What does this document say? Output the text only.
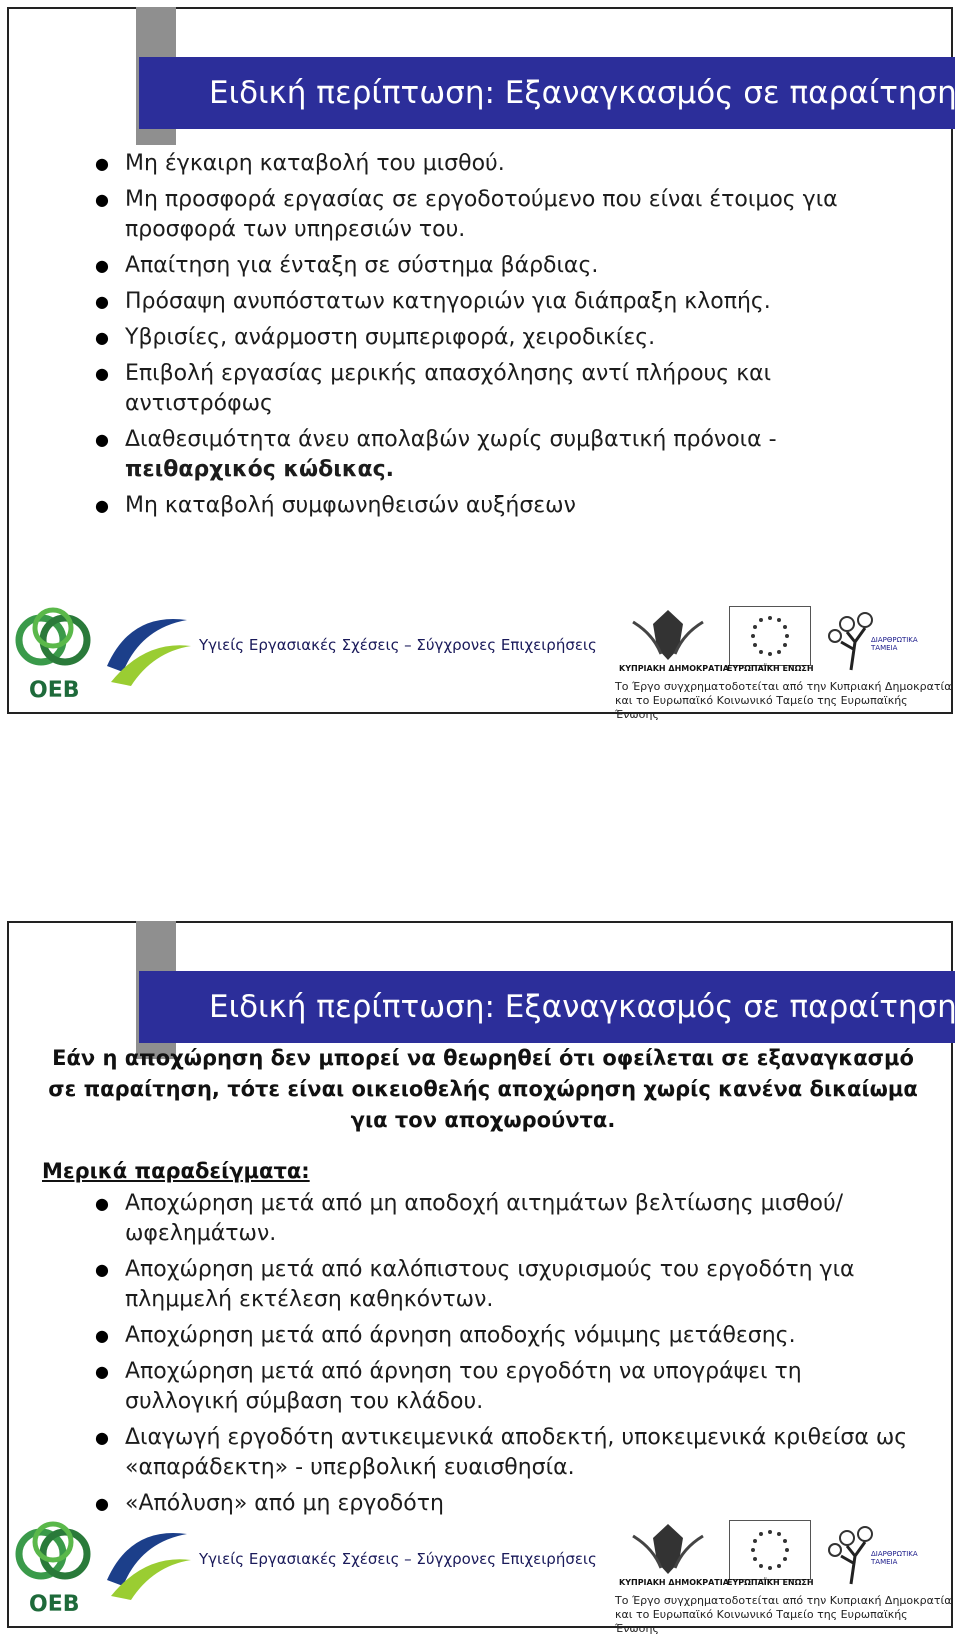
Ειδική περίπτωση: Εξαναγκασμός σε παραίτηση
● Μη έγκαιρη καταβολή του μισθού.
● Μη προσφορά εργασίας σε εργοδοτούμενο που είναι έτοιμος για προσφορά των υπηρεσιών του.
● Απαίτηση για ένταξη σε σύστημα βάρδιας.
● Πρόσαψη ανυπόστατων κατηγοριών για διάπραξη κλοπής.
● Υβρισίες, ανάρμοστη συμπεριφορά, χειροδικίες.
● Επιβολή εργασίας μερικής απασχόλησης αντί πλήρους και αντιστρόφως
● Διαθεσιμότητα άνευ απολαβών χωρίς συμβατική πρόνοια - πειθαρχικός κώδικας.
● Μη καταβολή συμφωνηθεισών αυξήσεων
ΟΕΒ
Υγιείς Εργασιακές Σχέσεις – Σύγχρονες Επιχειρήσεις
ΚΥΠΡΙΑΚΗ ΔΗΜΟΚΡΑΤΙΑ
ΕΥΡΩΠΑΪΚΗ ΕΝΩΣΗ
ΔΙΑΡΘΡΩΤΙΚΑ ΤΑΜΕΙΑ
Το Έργο συγχρηματοδοτείται από την Κυπριακή Δημοκρατία
και το Ευρωπαϊκό Κοινωνικό Ταμείο της Ευρωπαϊκής Ένωσης
Ειδική περίπτωση: Εξαναγκασμός σε παραίτηση
Εάν η αποχώρηση δεν μπορεί να θεωρηθεί ότι οφείλεται σε εξαναγκασμό σε παραίτηση, τότε είναι οικειοθελής αποχώρηση χωρίς κανένα δικαίωμα για τον αποχωρούντα.
Μερικά παραδείγματα:
● Αποχώρηση μετά από μη αποδοχή αιτημάτων βελτίωσης μισθού/ωφελημάτων.
● Αποχώρηση μετά από καλόπιστους ισχυρισμούς του εργοδότη για πλημμελή εκτέλεση καθηκόντων.
● Αποχώρηση μετά από άρνηση αποδοχής νόμιμης μετάθεσης.
● Αποχώρηση μετά από άρνηση του εργοδότη να υπογράψει τη συλλογική σύμβαση του κλάδου.
● Διαγωγή εργοδότη αντικειμενικά αποδεκτή, υποκειμενικά κριθείσα ως «απαράδεκτη» - υπερβολική ευαισθησία.
● «Απόλυση» από μη εργοδότη
ΟΕΒ
Υγιείς Εργασιακές Σχέσεις – Σύγχρονες Επιχειρήσεις
ΚΥΠΡΙΑΚΗ ΔΗΜΟΚΡΑΤΙΑ
ΕΥΡΩΠΑΪΚΗ ΕΝΩΣΗ
ΔΙΑΡΘΡΩΤΙΚΑ ΤΑΜΕΙΑ
Το Έργο συγχρηματοδοτείται από την Κυπριακή Δημοκρατία
και το Ευρωπαϊκό Κοινωνικό Ταμείο της Ευρωπαϊκής Ένωσης
